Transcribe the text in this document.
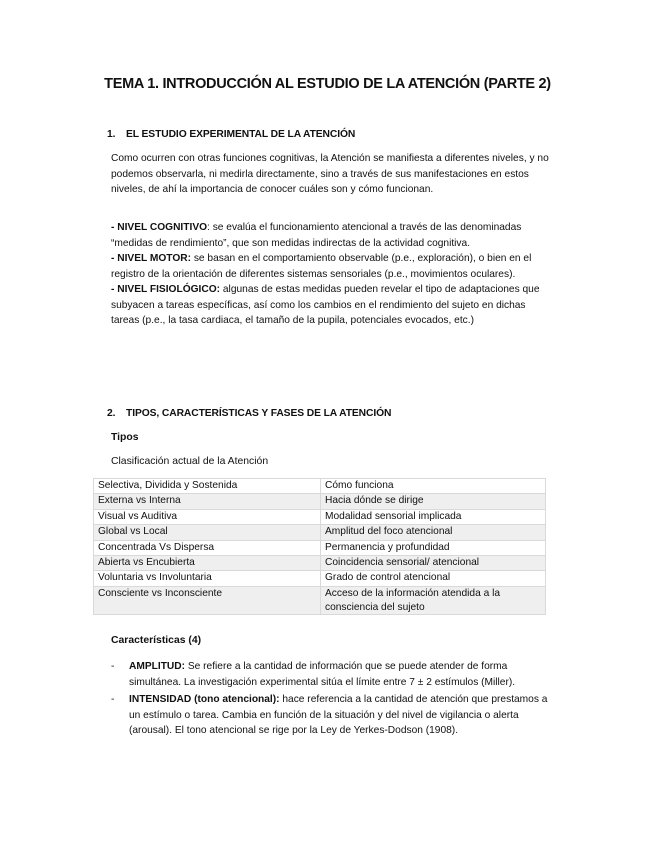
TEMA 1. INTRODUCCIÓN AL ESTUDIO DE LA ATENCIÓN (PARTE 2)
1. EL ESTUDIO EXPERIMENTAL DE LA ATENCIÓN

Como ocurren con otras funciones cognitivas, la Atención se manifiesta a diferentes niveles, y no podemos observarla, ni medirla directamente, sino a través de sus manifestaciones en estos niveles, de ahí la importancia de conocer cuáles son y cómo funcionan.

- NIVEL COGNITIVO: se evalúa el funcionamiento atencional a través de las denominadas “medidas de rendimiento”, que son medidas indirectas de la actividad cognitiva.
- NIVEL MOTOR: se basan en el comportamiento observable (p.e., exploración), o bien en el registro de la orientación de diferentes sistemas sensoriales (p.e., movimientos oculares).
- NIVEL FISIOLÓGICO: algunas de estas medidas pueden revelar el tipo de adaptaciones que subyacen a tareas específicas, así como los cambios en el rendimiento del sujeto en dichas tareas (p.e., la tasa cardiaca, el tamaño de la pupila, potenciales evocados, etc.)

2. TIPOS, CARACTERÍSTICAS Y FASES DE LA ATENCIÓN
Tipos
Clasificación actual de la Atención
Selectiva, Dividida y Sostenida	Cómo funciona
Externa vs Interna	Hacia dónde se dirige
Visual vs Auditiva	Modalidad sensorial implicada
Global vs Local	Amplitud del foco atencional
Concentrada Vs Dispersa	Permanencia y profundidad
Abierta vs Encubierta	Coincidencia sensorial/ atencional
Voluntaria vs Involuntaria	Grado de control atencional
Consciente vs Inconsciente	Acceso de la información atendida a la consciencia del sujeto
Características (4)
- AMPLITUD: Se refiere a la cantidad de información que se puede atender de forma simultánea. La investigación experimental sitúa el límite entre 7 ± 2 estímulos (Miller).
- INTENSIDAD (tono atencional): hace referencia a la cantidad de atención que prestamos a un estímulo o tarea. Cambia en función de la situación y del nivel de vigilancia o alerta (arousal). El tono atencional se rige por la Ley de Yerkes-Dodson (1908).
